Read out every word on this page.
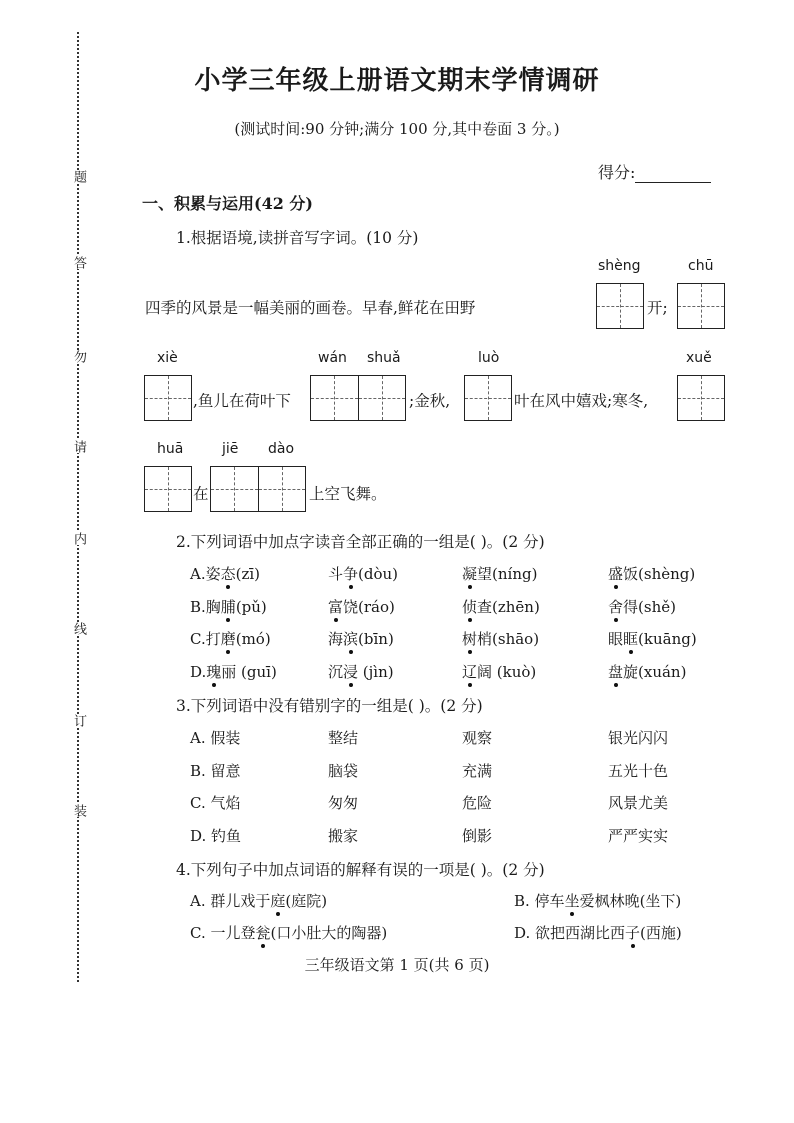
题
答
勿
请
内
线
订
装
小学三年级上册语文期末学情调研
(测试时间:90 分钟;满分 100 分,其中卷面 3 分。)
得分:
一、积累与运用(42 分)
1.根据语境,读拼音写字词。(10 分)
shèng	chū
四季的风景是一幅美丽的画卷。早春,鲜花在田野	开;
xiè	wán shuǎ	luò	xuě
,鱼儿在荷叶下	;金秋,	叶在风中嬉戏;寒冬,
huā	jiē dào
在	上空飞舞。
2.下列词语中加点字读音全部正确的一组是( )。(2 分)
A.姿态(zī)	斗争(dòu)	凝望(níng)	盛饭(shèng)
B.胸脯(pǔ)	富饶(ráo)	侦查(zhēn)	舍得(shě)
C.打磨(mó)	海滨(bīn)	树梢(shāo)	眼眶(kuāng)
D.瑰丽 (guī)	沉浸 (jìn)	辽阔 (kuò)	盘旋(xuán)
3.下列词语中没有错别字的一组是( )。(2 分)
A. 假装	整结	观察	银光闪闪
B. 留意	脑袋	充满	五光十色
C. 气焰	匆匆	危险	风景尤美
D. 钓鱼	搬家	倒影	严严实实
4.下列句子中加点词语的解释有误的一项是( )。(2 分)
A. 群儿戏于庭(庭院)	B. 停车坐爱枫林晚(坐下)
C. 一儿登瓮(口小肚大的陶器)	D. 欲把西湖比西子(西施)
三年级语文第 1 页(共 6 页)
